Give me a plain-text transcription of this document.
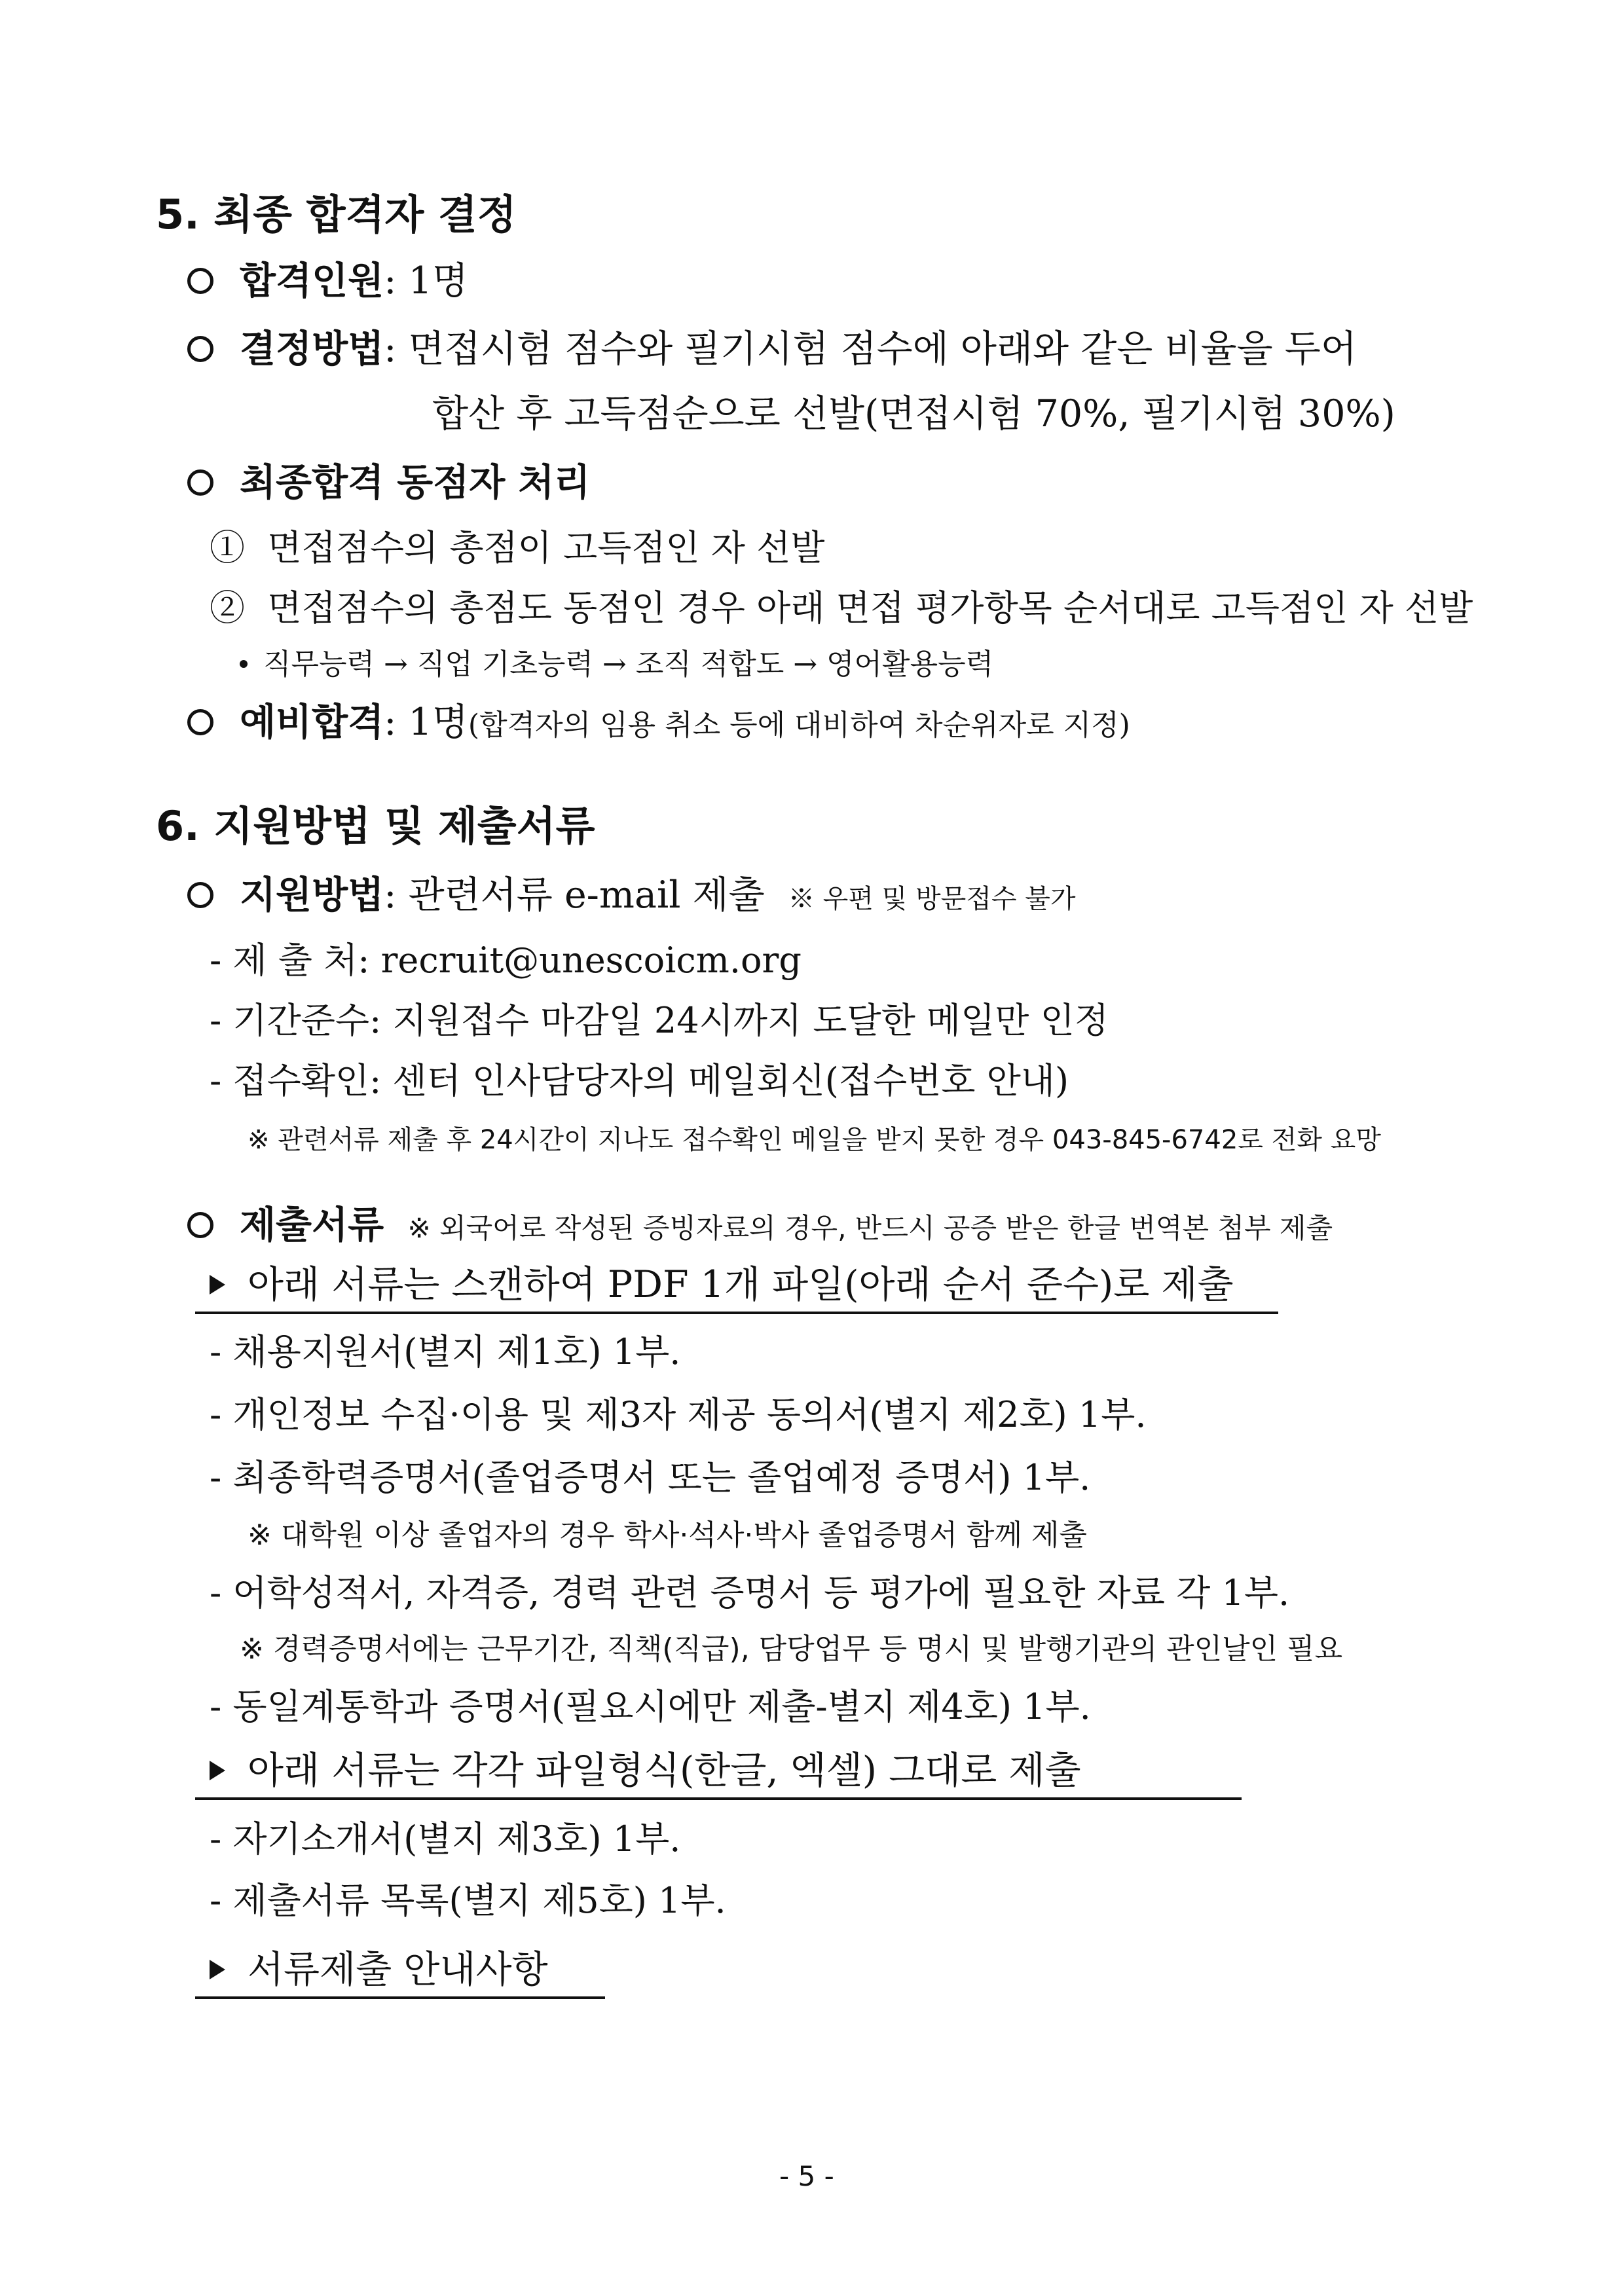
5. 최종 합격자 결정
합격인원: 1명
결정방법: 면접시험 점수와 필기시험 점수에 아래와 같은 비율을 두어
합산 후 고득점순으로 선발(면접시험 70%, 필기시험 30%)
최종합격 동점자 처리
① 면접점수의 총점이 고득점인 자 선발
② 면접점수의 총점도 동점인 경우 아래 면접 평가항목 순서대로 고득점인 자 선발
직무능력 → 직업 기초능력 → 조직 적합도 → 영어활용능력
예비합격: 1명(합격자의 임용 취소 등에 대비하여 차순위자로 지정)
6. 지원방법 및 제출서류
지원방법: 관련서류 e-mail 제출 ※ 우편 및 방문접수 불가
- 제 출 처: recruit@unescoicm.org
- 기간준수: 지원접수 마감일 24시까지 도달한 메일만 인정
- 접수확인: 센터 인사담당자의 메일회신(접수번호 안내)
※ 관련서류 제출 후 24시간이 지나도 접수확인 메일을 받지 못한 경우 043-845-6742로 전화 요망
제출서류 ※ 외국어로 작성된 증빙자료의 경우, 반드시 공증 받은 한글 번역본 첨부 제출
아래 서류는 스캔하여 PDF 1개 파일(아래 순서 준수)로 제출
- 채용지원서(별지 제1호) 1부.
- 개인정보 수집·이용 및 제3자 제공 동의서(별지 제2호) 1부.
- 최종학력증명서(졸업증명서 또는 졸업예정 증명서) 1부.
※ 대학원 이상 졸업자의 경우 학사·석사·박사 졸업증명서 함께 제출
- 어학성적서, 자격증, 경력 관련 증명서 등 평가에 필요한 자료 각 1부.
※ 경력증명서에는 근무기간, 직책(직급), 담당업무 등 명시 및 발행기관의 관인날인 필요
- 동일계통학과 증명서(필요시에만 제출-별지 제4호) 1부.
아래 서류는 각각 파일형식(한글, 엑셀) 그대로 제출
- 자기소개서(별지 제3호) 1부.
- 제출서류 목록(별지 제5호) 1부.
서류제출 안내사항
- 5 -
